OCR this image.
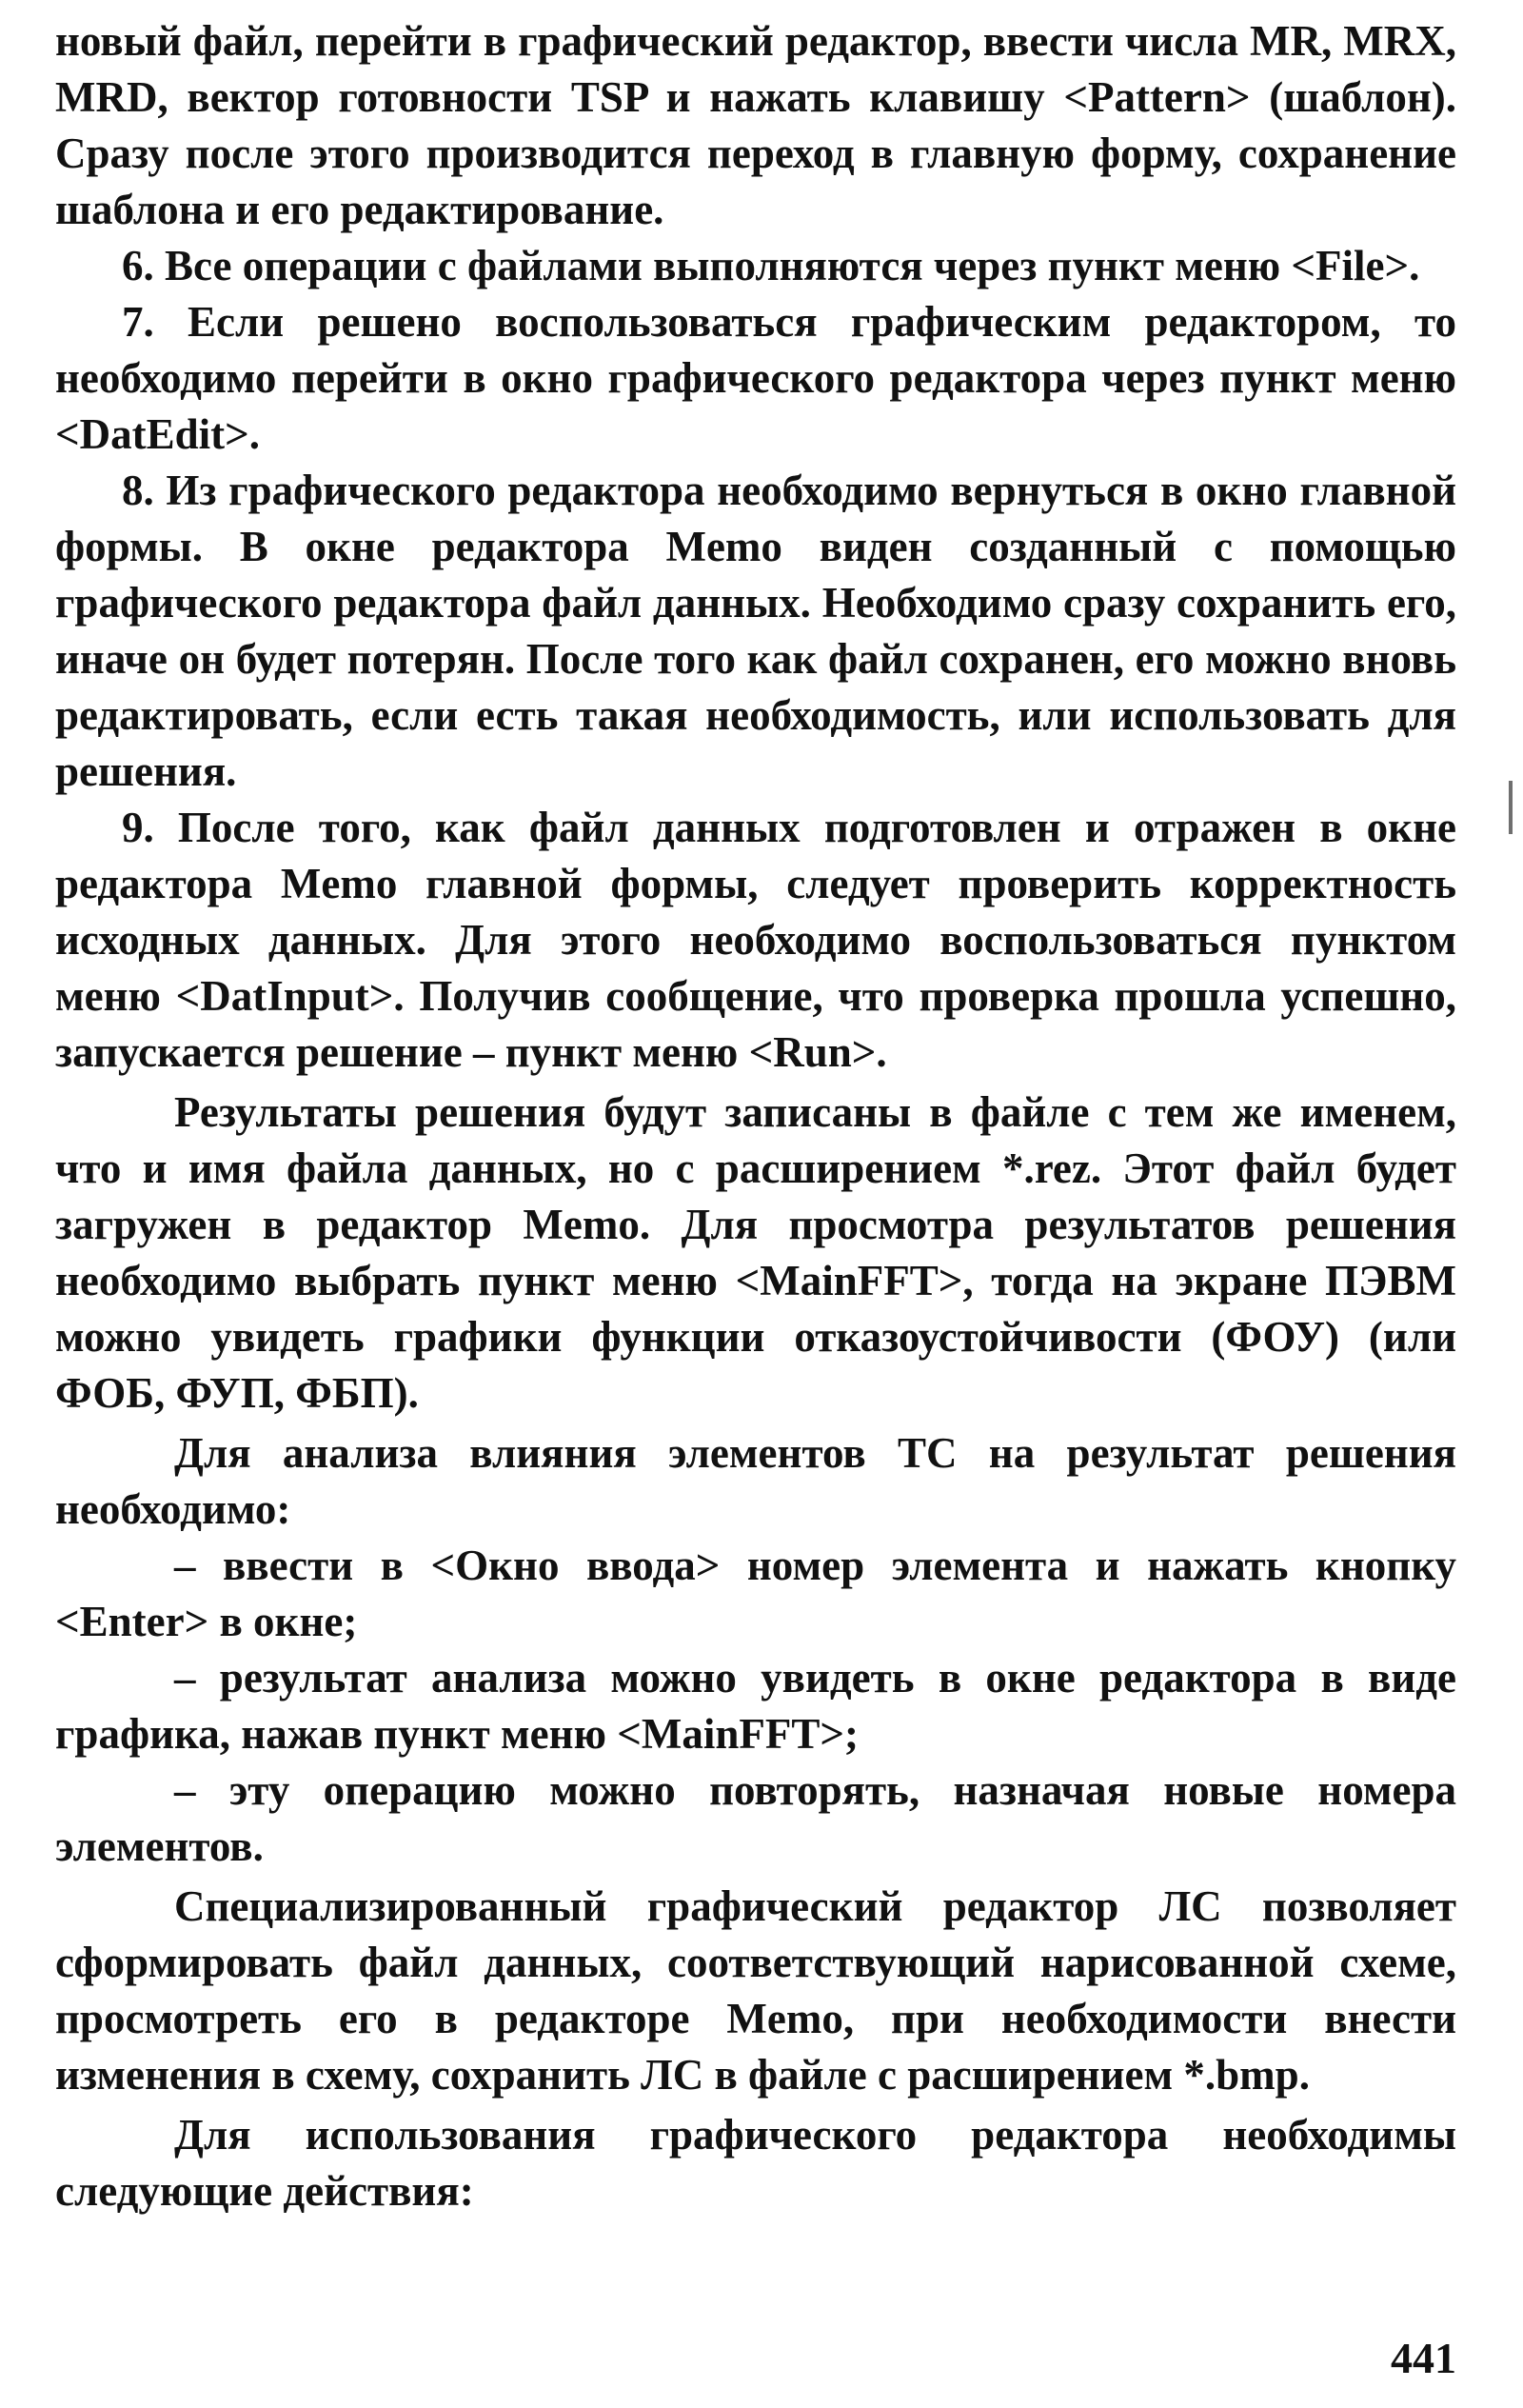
новый файл, перейти в графический редактор, ввести числа MR, MRX, MRD, вектор готовности TSP и нажать клавишу <Pattern> (шаблон). Сразу после этого производится переход в главную форму, сохранение шаблона и его редактирование.

6. Все операции с файлами выполняются через пункт меню <File>.

7. Если решено воспользоваться графическим редактором, то необходимо перейти в окно графического редактора через пункт меню <DatEdit>.

8. Из графического редактора необходимо вернуться в окно главной формы. В окне редактора Memo виден созданный с помощью графического редактора файл данных. Необходимо сразу сохранить его, иначе он будет потерян. После того как файл сохранен, его можно вновь редактировать, если есть такая необходимость, или использовать для решения.

9. После того, как файл данных подготовлен и отражен в окне редактора Memo главной формы, следует проверить корректность исходных данных. Для этого необходимо воспользоваться пунктом меню <DatInput>. Получив сообщение, что проверка прошла успешно, запускается решение – пункт меню <Run>.

Результаты решения будут записаны в файле с тем же именем, что и имя файла данных, но с расширением *.rez. Этот файл будет загружен в редактор Memo. Для просмотра результатов решения необходимо выбрать пункт меню <MainFFT>, тогда на экране ПЭВМ можно увидеть графики функции отказоустойчивости (ФОУ) (или ФОБ, ФУП, ФБП).

Для анализа влияния элементов ТС на результат решения необходимо:

– ввести в <Окно ввода> номер элемента и нажать кнопку <Enter> в окне;

– результат анализа можно увидеть в окне редактора в виде графика, нажав пункт меню <MainFFT>;

– эту операцию можно повторять, назначая новые номера элементов.

Специализированный графический редактор ЛС позволяет сформировать файл данных, соответствующий нарисованной схеме, просмотреть его в редакторе Memo, при необходимости внести изменения в схему, сохранить ЛС в файле с расширением *.bmp.

Для использования графического редактора необходимы следующие действия:

441
